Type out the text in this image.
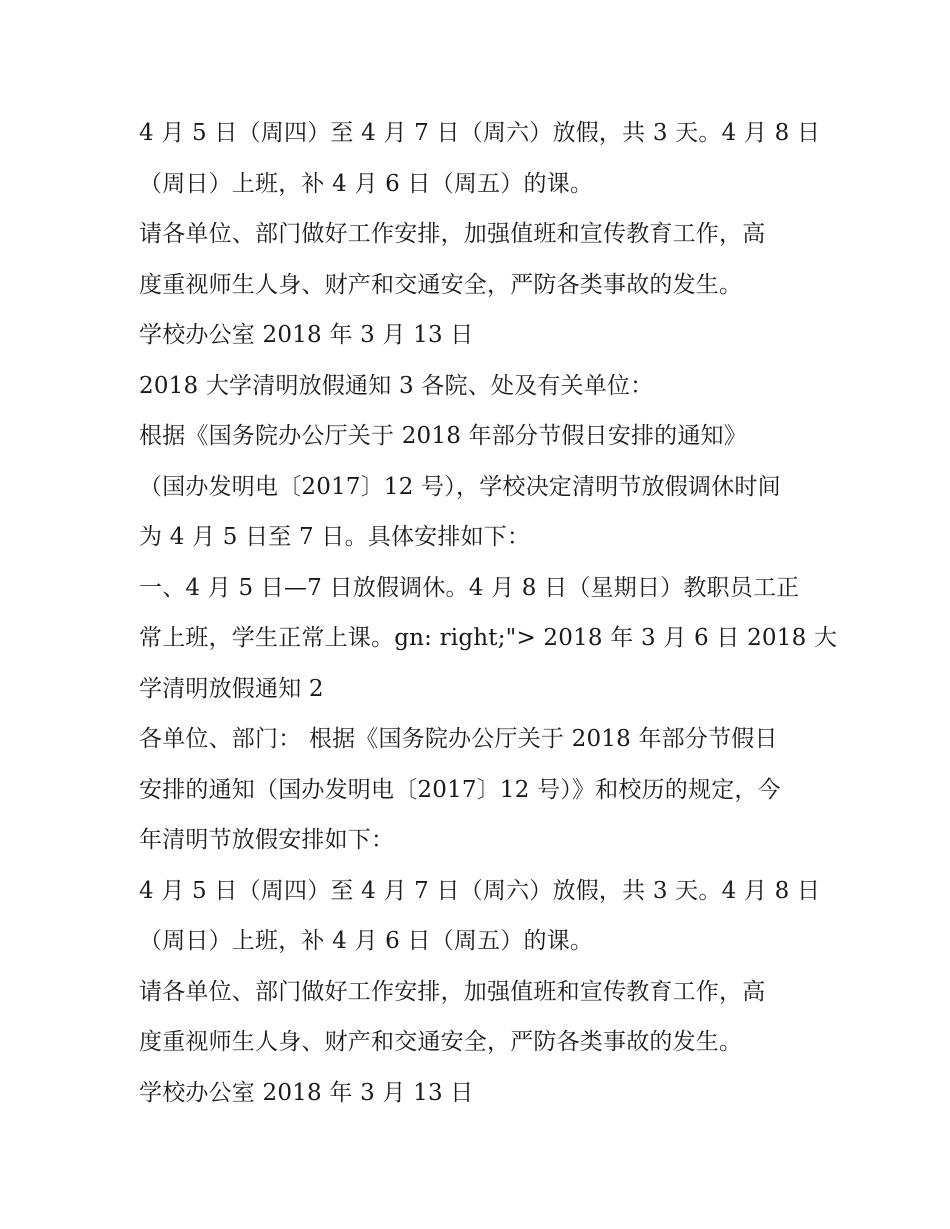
4 月 5 日（周四）至 4 月 7 日（周六）放假，共 3 天。4 月 8 日
（周日）上班，补 4 月 6 日（周五）的课。
请各单位、部门做好工作安排，加强值班和宣传教育工作，高
度重视师生人身、财产和交通安全，严防各类事故的发生。
学校办公室 2018 年 3 月 13 日
2018 大学清明放假通知 3 各院、处及有关单位：
根据《国务院办公厅关于 2018 年部分节假日安排的通知》
（国办发明电〔2017〕12 号），学校决定清明节放假调休时间
为 4 月 5 日至 7 日。具体安排如下：
一、4 月 5 日—7 日放假调休。4 月 8 日（星期日）教职员工正
常上班，学生正常上课。gn: right;"> 2018 年 3 月 6 日 2018 大
学清明放假通知 2
各单位、部门： 根据《国务院办公厅关于 2018 年部分节假日
安排的通知（国办发明电〔2017〕12 号）》和校历的规定，今
年清明节放假安排如下：
4 月 5 日（周四）至 4 月 7 日（周六）放假，共 3 天。4 月 8 日
（周日）上班，补 4 月 6 日（周五）的课。
请各单位、部门做好工作安排，加强值班和宣传教育工作，高
度重视师生人身、财产和交通安全，严防各类事故的发生。
学校办公室 2018 年 3 月 13 日
